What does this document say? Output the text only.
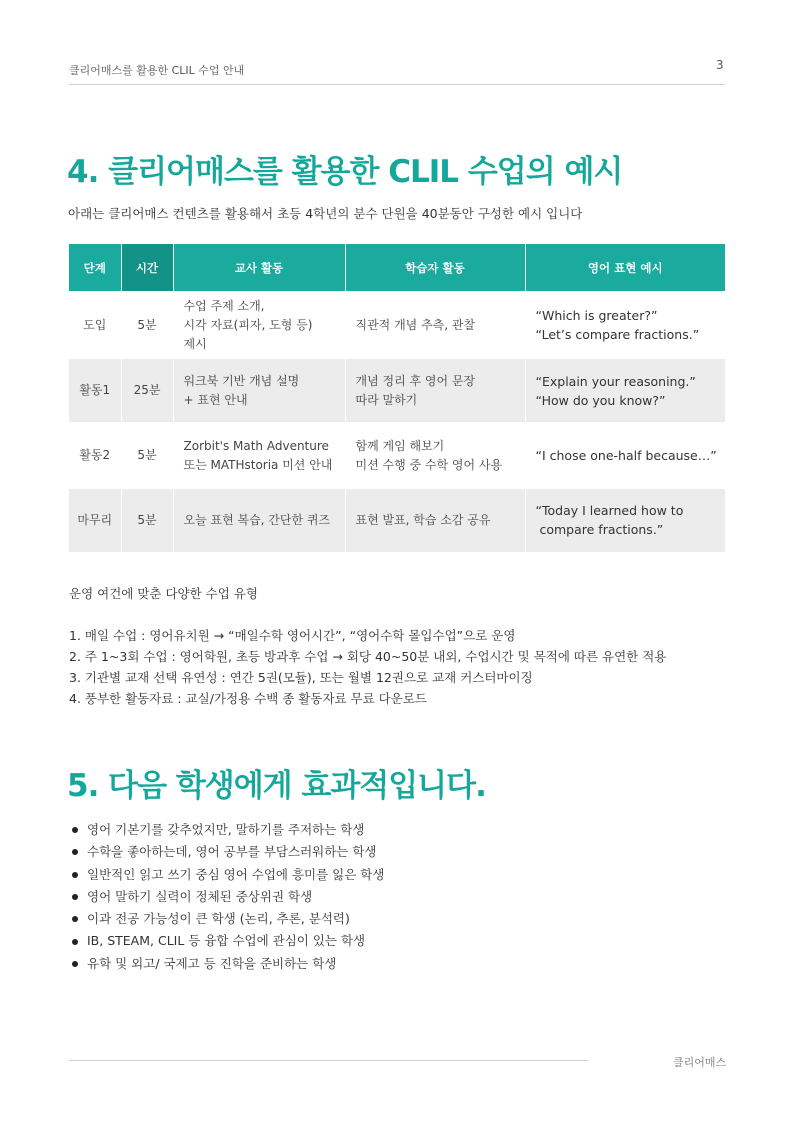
클리어매스를 활용한 CLIL 수업 안내	3
4. 클리어매스를 활용한 CLIL 수업의 예시
아래는 클리어매스 컨텐츠를 활용해서 초등 4학년의 분수 단원을 40분동안 구성한 예시 입니다
단계	시간	교사 활동	학습자 활동	영어 표현 예시
도입	5분	수업 주제 소개,
시각 자료(피자, 도형 등)
제시	직관적 개념 추측, 관찰	“Which is greater?”
“Let’s compare fractions.”

활동1	25분	워크북 기반 개념 설명
+ 표현 안내	개념 정리 후 영어 문장
따라 말하기	“Explain your reasoning.”
“How do you know?”

활동2	5분	Zorbit's Math Adventure
또는 MATHstoria 미션 안내	함께 게임 해보기
미션 수행 중 수학 영어 사용	“I chose one-half because…”

마무리	5분	오늘 표현 복습, 간단한 퀴즈	표현 발표, 학습 소감 공유	“Today I learned how to
compare fractions.”
운영 여건에 맞춘 다양한 수업 유형
1. 매일 수업 : 영어유치원 → “매일수학 영어시간”, “영어수학 몰입수업”으로 운영
2. 주 1~3회 수업 : 영어학원, 초등 방과후 수업 → 회당 40~50분 내외, 수업시간 및 목적에 따른 유연한 적용
3. 기관별 교재 선택 유연성 : 연간 5권(모듈), 또는 월별 12권으로 교재 커스터마이징
4. 풍부한 활동자료 : 교실/가정용 수백 종 활동자료 무료 다운로드
5. 다음 학생에게 효과적입니다.
영어 기본기를 갖추었지만, 말하기를 주저하는 학생
수학을 좋아하는데, 영어 공부를 부담스러워하는 학생
일반적인 읽고 쓰기 중심 영어 수업에 흥미를 잃은 학생
영어 말하기 실력이 정체된 중상위권 학생
이과 전공 가능성이 큰 학생 (논리, 추론, 분석력)
IB, STEAM, CLIL 등 융합 수업에 관심이 있는 학생
유학 및 외고/ 국제고 등 진학을 준비하는 학생
클리어매스
